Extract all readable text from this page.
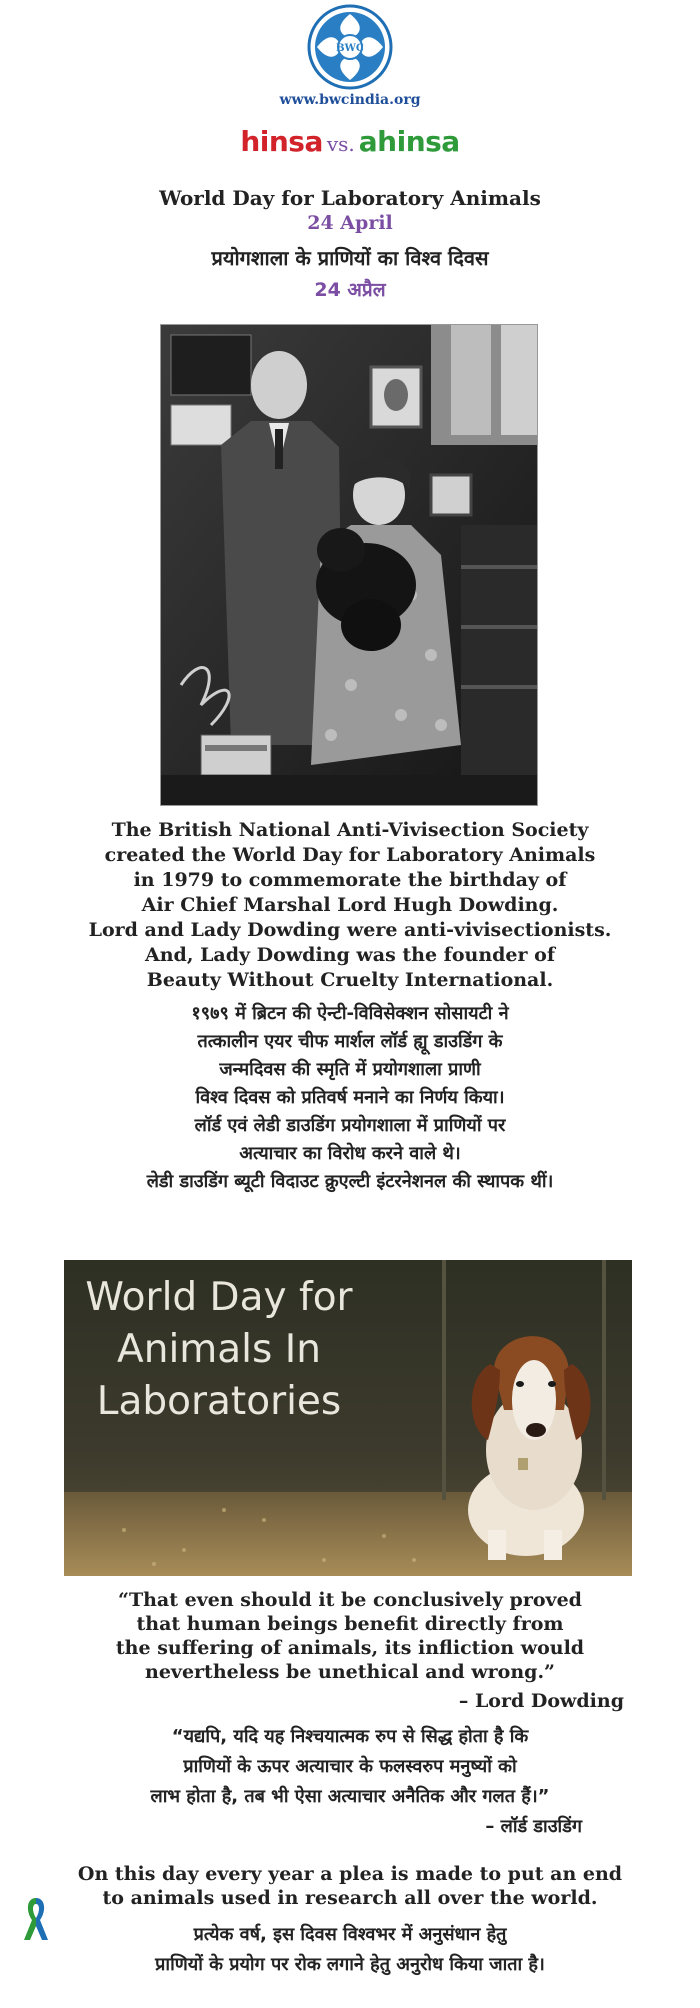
BWC
www.bwcindia.org
hinsa vs. ahinsa
World Day for Laboratory Animals
24 April
प्रयोगशाला के प्राणियों का विश्व दिवस
24 अप्रैल
The British National Anti-Vivisection Society
created the World Day for Laboratory Animals
in 1979 to commemorate the birthday of
Air Chief Marshal Lord Hugh Dowding.
Lord and Lady Dowding were anti-vivisectionists.
And, Lady Dowding was the founder of
Beauty Without Cruelty International.
१९७९ में ब्रिटन की ऐन्टी-विविसेक्शन सोसायटी ने
तत्कालीन एयर चीफ मार्शल लॉर्ड ह्यू डाउडिंग के
जन्मदिवस की स्मृति में प्रयोगशाला प्राणी
विश्व दिवस को प्रतिवर्ष मनाने का निर्णय किया।
लॉर्ड एवं लेडी डाउडिंग प्रयोगशाला में प्राणियों पर
अत्याचार का विरोध करने वाले थे।
लेडी डाउडिंग ब्यूटी विदाउट क्रुएल्टी इंटरनेशनल की स्थापक थीं।
World Day for
Animals In
Laboratories
“That even should it be conclusively proved
that human beings benefit directly from
the suffering of animals, its infliction would
nevertheless be unethical and wrong.”
– Lord Dowding
“यद्यपि, यदि यह निश्चयात्मक रुप से सिद्ध होता है कि
प्राणियों के ऊपर अत्याचार के फलस्वरुप मनुष्यों को
लाभ होता है, तब भी ऐसा अत्याचार अनैतिक और गलत हैं।”
– लॉर्ड डाउडिंग
On this day every year a plea is made to put an end
to animals used in research all over the world.
प्रत्येक वर्ष, इस दिवस विश्वभर में अनुसंधान हेतु
प्राणियों के प्रयोग पर रोक लगाने हेतु अनुरोध किया जाता है।
